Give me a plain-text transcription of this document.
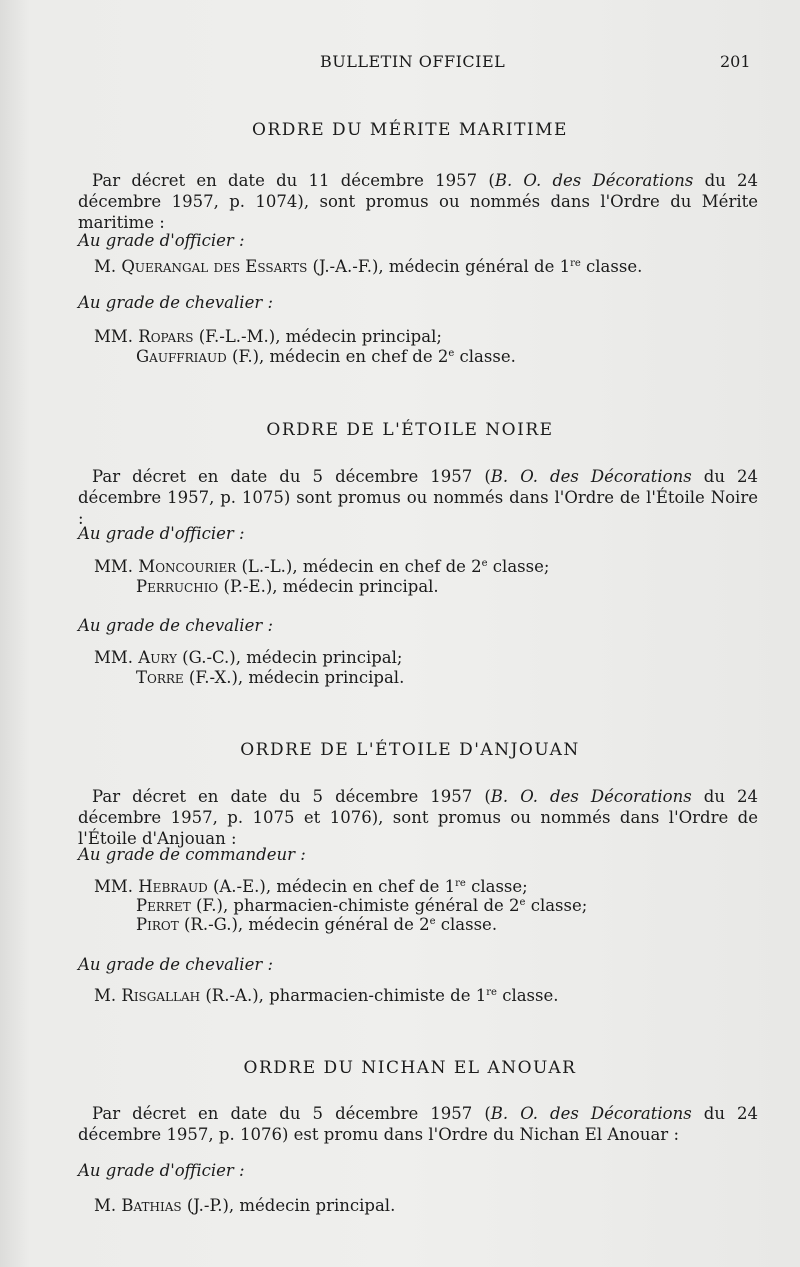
BULLETIN OFFICIEL	201
ORDRE DU MÉRITE MARITIME
Par décret en date du 11 décembre 1957 (B. O. des Décorations du 24 décembre 1957, p. 1074), sont promus ou nommés dans l'Ordre du Mérite maritime :
Au grade d'officier :
M. Querangal des Essarts (J.-A.-F.), médecin général de 1re classe.
Au grade de chevalier :
MM. Ropars (F.-L.-M.), médecin principal;
Gauffriaud (F.), médecin en chef de 2e classe.
ORDRE DE L'ÉTOILE NOIRE
Par décret en date du 5 décembre 1957 (B. O. des Décorations du 24 décembre 1957, p. 1075) sont promus ou nommés dans l'Ordre de l'Étoile Noire :
Au grade d'officier :
MM. Moncourier (L.-L.), médecin en chef de 2e classe;
Perruchio (P.-E.), médecin principal.
Au grade de chevalier :
MM. Aury (G.-C.), médecin principal;
Torre (F.-X.), médecin principal.
ORDRE DE L'ÉTOILE D'ANJOUAN
Par décret en date du 5 décembre 1957 (B. O. des Décorations du 24 décembre 1957, p. 1075 et 1076), sont promus ou nommés dans l'Ordre de l'Étoile d'Anjouan :
Au grade de commandeur :
MM. Hebraud (A.-E.), médecin en chef de 1re classe;
Perret (F.), pharmacien-chimiste général de 2e classe;
Pirot (R.-G.), médecin général de 2e classe.
Au grade de chevalier :
M. Risgallah (R.-A.), pharmacien-chimiste de 1re classe.
ORDRE DU NICHAN EL ANOUAR
Par décret en date du 5 décembre 1957 (B. O. des Décorations du 24 décembre 1957, p. 1076) est promu dans l'Ordre du Nichan El Anouar :
Au grade d'officier :
M. Bathias (J.-P.), médecin principal.
